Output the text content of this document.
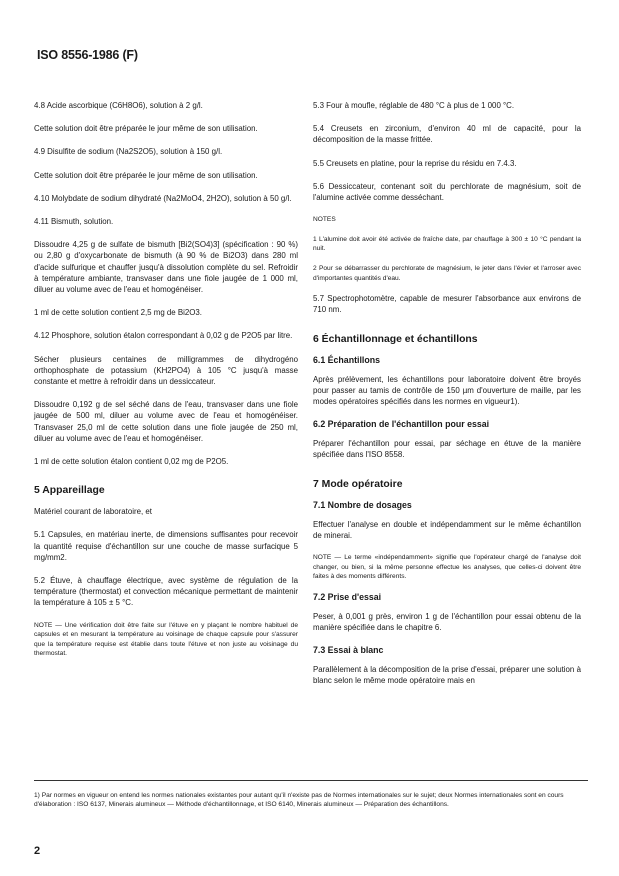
ISO 8556-1986 (F)

4.8 Acide ascorbique (C6H8O6), solution à 2 g/l.

Cette solution doit être préparée le jour même de son utilisation.

4.9 Disulfite de sodium (Na2S2O5), solution à 150 g/l.

Cette solution doit être préparée le jour même de son utilisation.

4.10 Molybdate de sodium dihydraté (Na2MoO4, 2H2O), solution à 50 g/l.

4.11 Bismuth, solution.

Dissoudre 4,25 g de sulfate de bismuth [Bi2(SO4)3] (spécification : 90 %) ou 2,80 g d'oxycarbonate de bismuth (à 90 % de Bi2O3) dans 280 ml d'acide sulfurique et chauffer jusqu'à dissolution complète du sel. Refroidir à température ambiante, transvaser dans une fiole jaugée de 1 000 ml, diluer au volume avec de l'eau et homogénéiser.

1 ml de cette solution contient 2,5 mg de Bi2O3.

4.12 Phosphore, solution étalon correspondant à 0,02 g de P2O5 par litre.

Sécher plusieurs centaines de milligrammes de dihydrogéno orthophosphate de potassium (KH2PO4) à 105 °C jusqu'à masse constante et mettre à refroidir dans un dessiccateur.

Dissoudre 0,192 g de sel séché dans de l'eau, transvaser dans une fiole jaugée de 500 ml, diluer au volume avec de l'eau et homogénéiser. Transvaser 25,0 ml de cette solution dans une fiole jaugée de 250 ml, diluer au volume avec de l'eau et homogénéiser.

1 ml de cette solution étalon contient 0,02 mg de P2O5.

5 Appareillage

Matériel courant de laboratoire, et

5.1 Capsules, en matériau inerte, de dimensions suffisantes pour recevoir la quantité requise d'échantillon sur une couche de masse surfacique 5 mg/mm2.

5.2 Étuve, à chauffage électrique, avec système de régulation de la température (thermostat) et convection mécanique permettant de maintenir la température à 105 ± 5 °C.

NOTE — Une vérification doit être faite sur l'étuve en y plaçant le nombre habituel de capsules et en mesurant la température au voisinage de chaque capsule pour s'assurer que la température requise est établie dans toute l'étuve et non juste au voisinage du thermostat.

5.3 Four à moufle, réglable de 480 °C à plus de 1 000 °C.

5.4 Creusets en zirconium, d'environ 40 ml de capacité, pour la décomposition de la masse frittée.

5.5 Creusets en platine, pour la reprise du résidu en 7.4.3.

5.6 Dessiccateur, contenant soit du perchlorate de magnésium, soit de l'alumine activée comme desséchant.

NOTES

1 L'alumine doit avoir été activée de fraîche date, par chauffage à 300 ± 10 °C pendant la nuit.

2 Pour se débarrasser du perchlorate de magnésium, le jeter dans l'évier et l'arroser avec d'importantes quantités d'eau.

5.7 Spectrophotomètre, capable de mesurer l'absorbance aux environs de 710 nm.

6 Échantillonnage et échantillons

6.1 Échantillons

Après prélèvement, les échantillons pour laboratoire doivent être broyés pour passer au tamis de contrôle de 150 µm d'ouverture de maille, par les modes opératoires spécifiés dans les normes en vigueur1).

6.2 Préparation de l'échantillon pour essai

Préparer l'échantillon pour essai, par séchage en étuve de la manière spécifiée dans l'ISO 8558.

7 Mode opératoire

7.1 Nombre de dosages

Effectuer l'analyse en double et indépendamment sur le même échantillon de minerai.

NOTE — Le terme «indépendamment» signifie que l'opérateur chargé de l'analyse doit changer, ou bien, si la même personne effectue les analyses, que celles-ci doivent être faites à des moments différents.

7.2 Prise d'essai

Peser, à 0,001 g près, environ 1 g de l'échantillon pour essai obtenu de la manière spécifiée dans le chapitre 6.

7.3 Essai à blanc

Parallèlement à la décomposition de la prise d'essai, préparer une solution à blanc selon le même mode opératoire mais en

1) Par normes en vigueur on entend les normes nationales existantes pour autant qu'il n'existe pas de Normes internationales sur le sujet; deux Normes internationales sont en cours d'élaboration : ISO 6137, Minerais alumineux — Méthode d'échantillonnage, et ISO 6140, Minerais alumineux — Préparation des échantillons.
2
